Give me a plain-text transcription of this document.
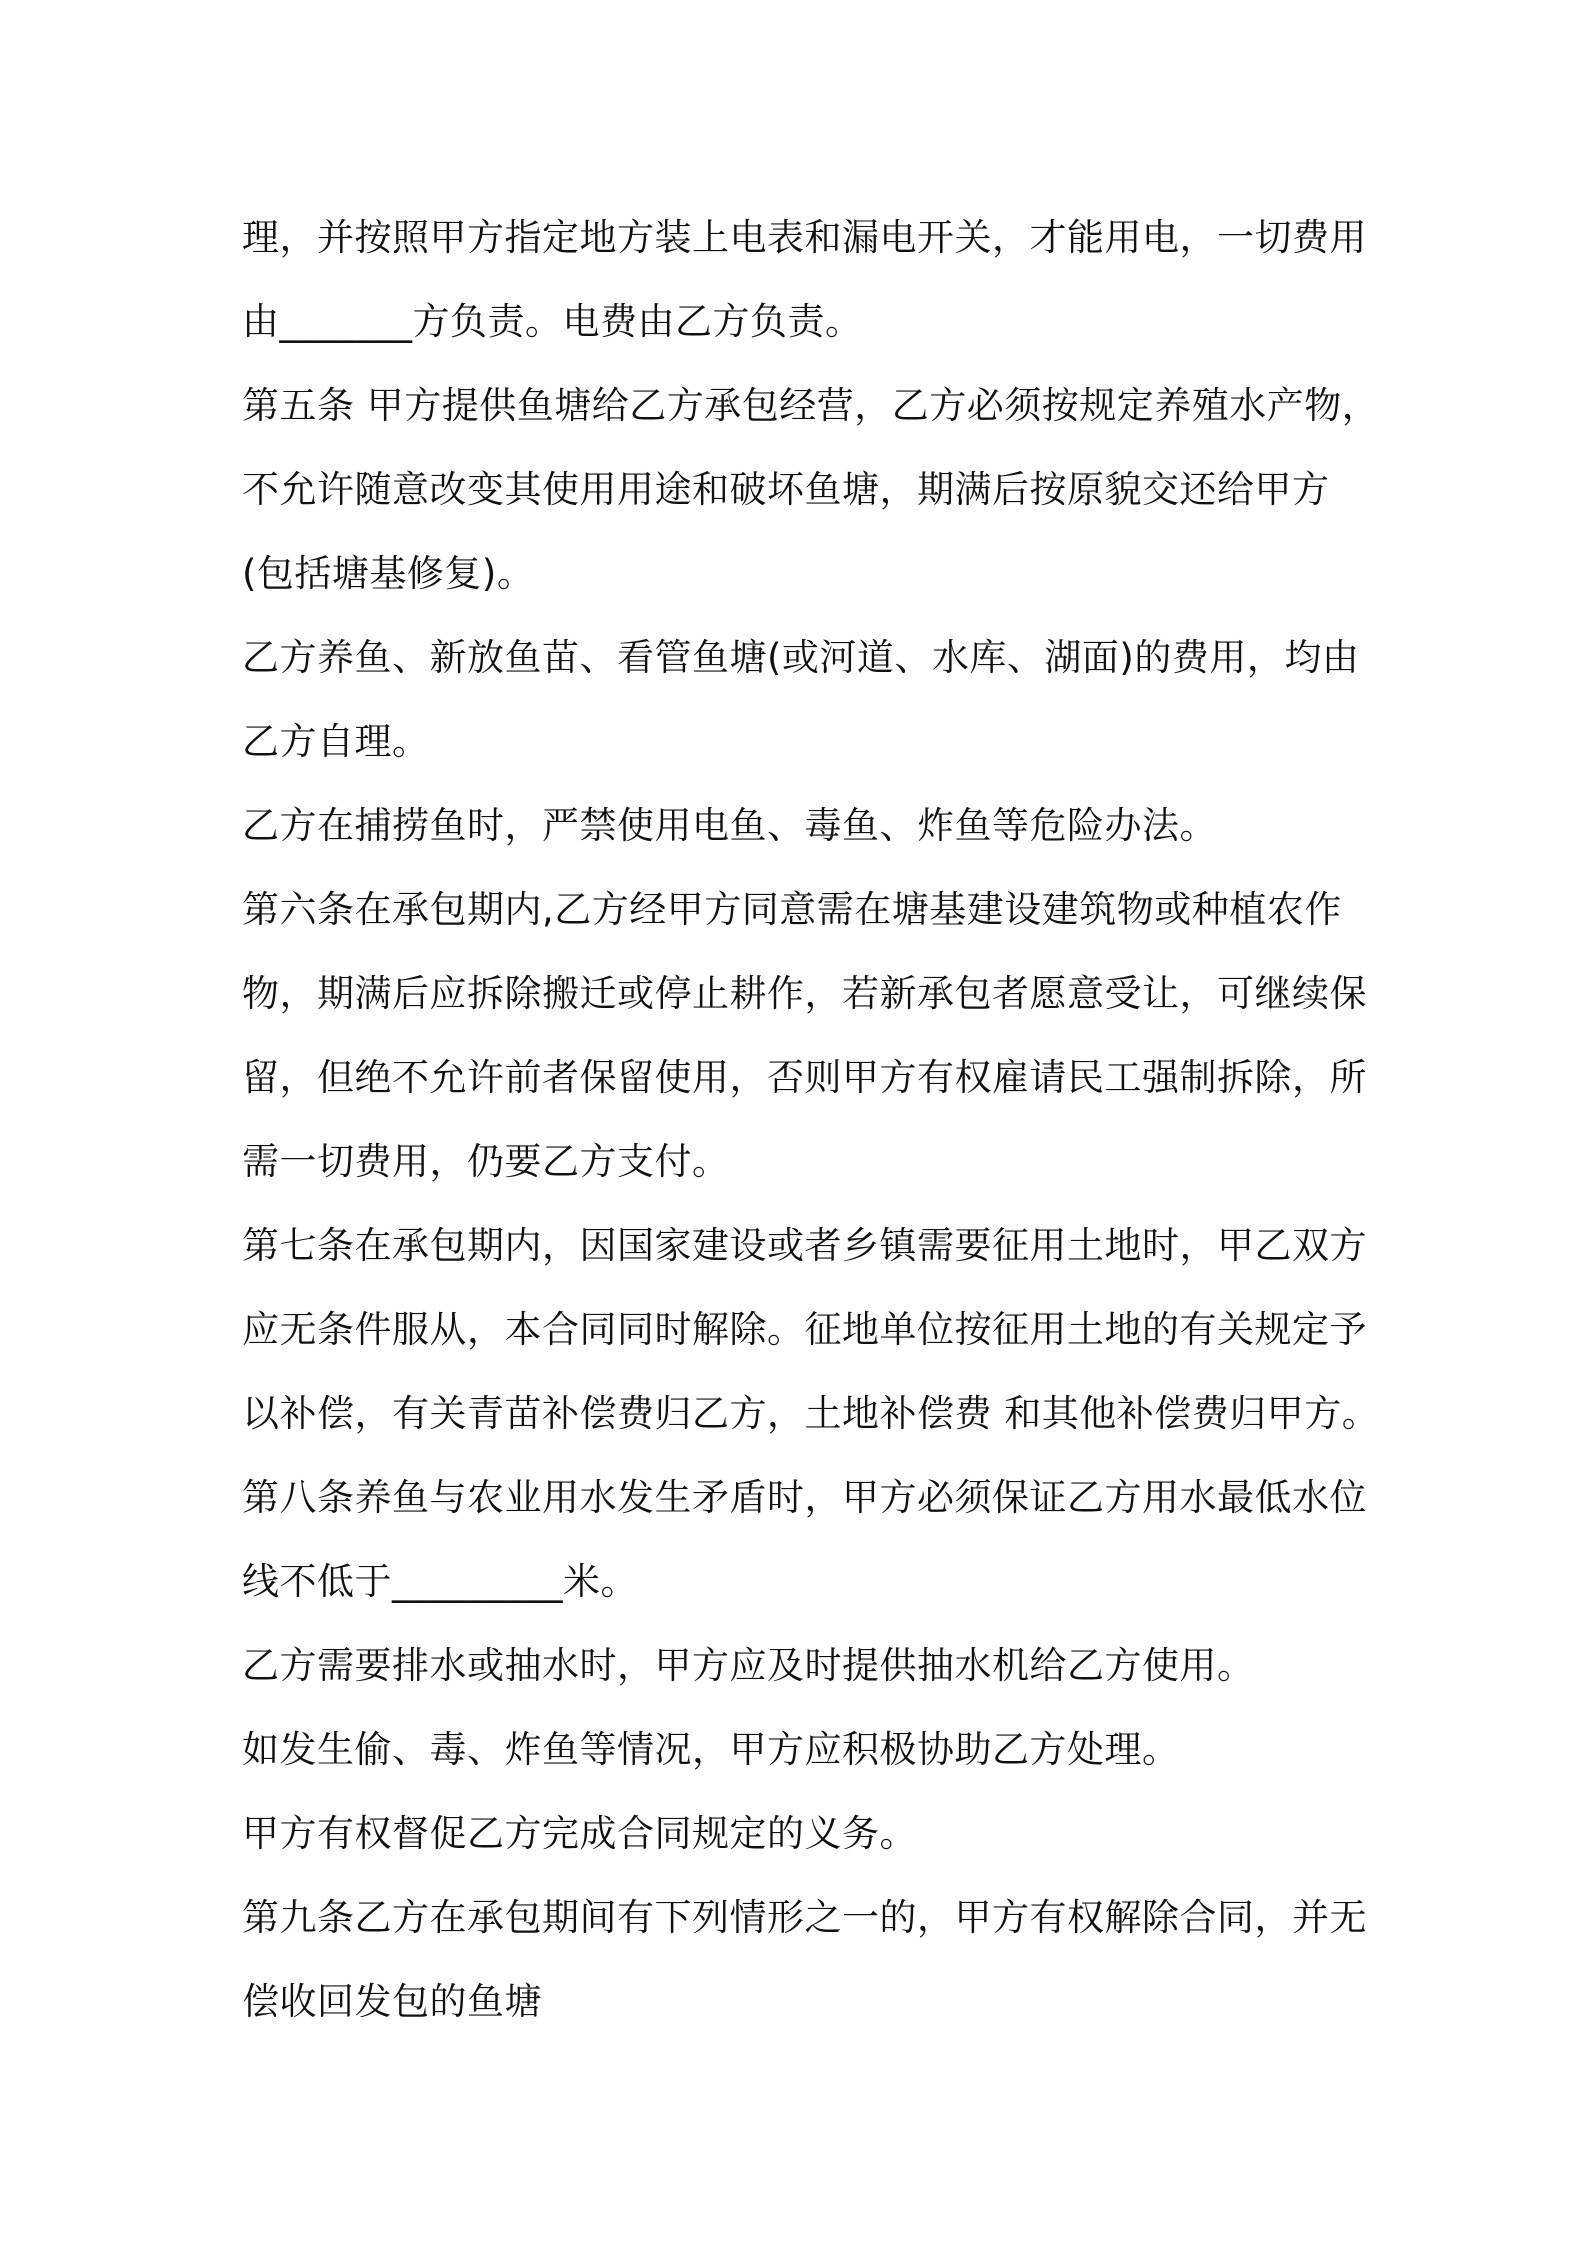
理，并按照甲方指定地方装上电表和漏电开关，才能用电，一切费用
由_______方负责。电费由乙方负责。
第五条 甲方提供鱼塘给乙方承包经营，乙方必须按规定养殖水产物，
不允许随意改变其使用用途和破坏鱼塘，期满后按原貌交还给甲方
(包括塘基修复)。
乙方养鱼、新放鱼苗、看管鱼塘(或河道、水库、湖面)的费用，均由
乙方自理。
乙方在捕捞鱼时，严禁使用电鱼、毒鱼、炸鱼等危险办法。
第六条在承包期内,乙方经甲方同意需在塘基建设建筑物或种植农作
物，期满后应拆除搬迁或停止耕作，若新承包者愿意受让，可继续保
留，但绝不允许前者保留使用，否则甲方有权雇请民工强制拆除，所
需一切费用，仍要乙方支付。
第七条在承包期内，因国家建设或者乡镇需要征用土地时，甲乙双方
应无条件服从，本合同同时解除。征地单位按征用土地的有关规定予
以补偿，有关青苗补偿费归乙方，土地补偿费 和其他补偿费归甲方。
第八条养鱼与农业用水发生矛盾时，甲方必须保证乙方用水最低水位
线不低于_________米。
乙方需要排水或抽水时，甲方应及时提供抽水机给乙方使用。
如发生偷、毒、炸鱼等情况，甲方应积极协助乙方处理。
甲方有权督促乙方完成合同规定的义务。
第九条乙方在承包期间有下列情形之一的，甲方有权解除合同，并无
偿收回发包的鱼塘
